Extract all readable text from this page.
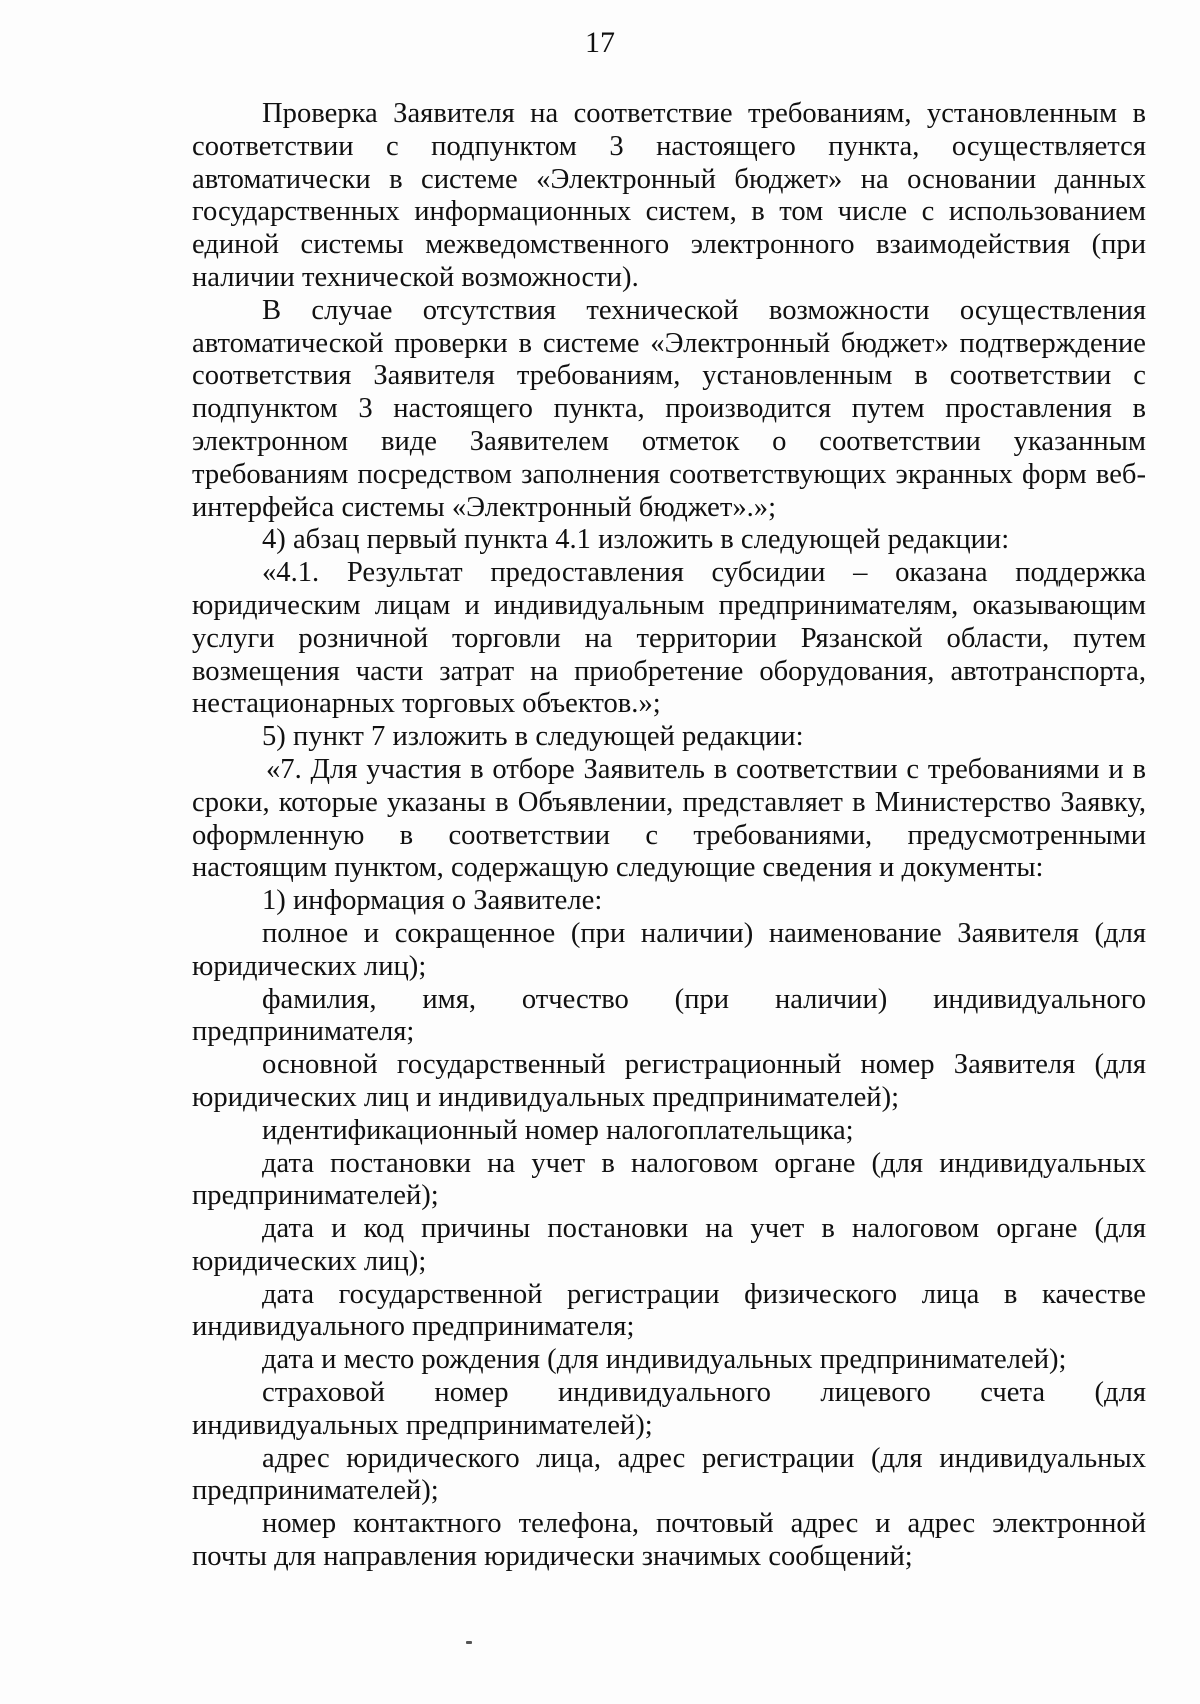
17

Проверка Заявителя на соответствие требованиям, установленным в соответствии с подпунктом 3 настоящего пункта, осуществляется автоматически в системе «Электронный бюджет» на основании данных государственных информационных систем, в том числе с использованием единой системы межведомственного электронного взаимодействия (при наличии технической возможности).

В случае отсутствия технической возможности осуществления автоматической проверки в системе «Электронный бюджет» подтверждение соответствия Заявителя требованиям, установленным в соответствии с подпунктом 3 настоящего пункта, производится путем проставления в электронном виде Заявителем отметок о соответствии указанным требованиям посредством заполнения соответствующих экранных форм веб-интерфейса системы «Электронный бюджет».»;

4) абзац первый пункта 4.1 изложить в следующей редакции:

«4.1. Результат предоставления субсидии – оказана поддержка юридическим лицам и индивидуальным предпринимателям, оказывающим услуги розничной торговли на территории Рязанской области, путем возмещения части затрат на приобретение оборудования, автотранспорта, нестационарных торговых объектов.»;

5) пункт 7 изложить в следующей редакции:

«7. Для участия в отборе Заявитель в соответствии с требованиями и в сроки, которые указаны в Объявлении, представляет в Министерство Заявку, оформленную в соответствии с требованиями, предусмотренными настоящим пунктом, содержащую следующие сведения и документы:

1) информация о Заявителе:

полное и сокращенное (при наличии) наименование Заявителя (для юридических лиц);

фамилия, имя, отчество (при наличии) индивидуального предпринимателя;

основной государственный регистрационный номер Заявителя (для юридических лиц и индивидуальных предпринимателей);

идентификационный номер налогоплательщика;

дата постановки на учет в налоговом органе (для индивидуальных предпринимателей);

дата и код причины постановки на учет в налоговом органе (для юридических лиц);

дата государственной регистрации физического лица в качестве индивидуального предпринимателя;

дата и место рождения (для индивидуальных предпринимателей);

страховой номер индивидуального лицевого счета (для индивидуальных предпринимателей);

адрес юридического лица, адрес регистрации (для индивидуальных предпринимателей);

номер контактного телефона, почтовый адрес и адрес электронной почты для направления юридически значимых сообщений;
